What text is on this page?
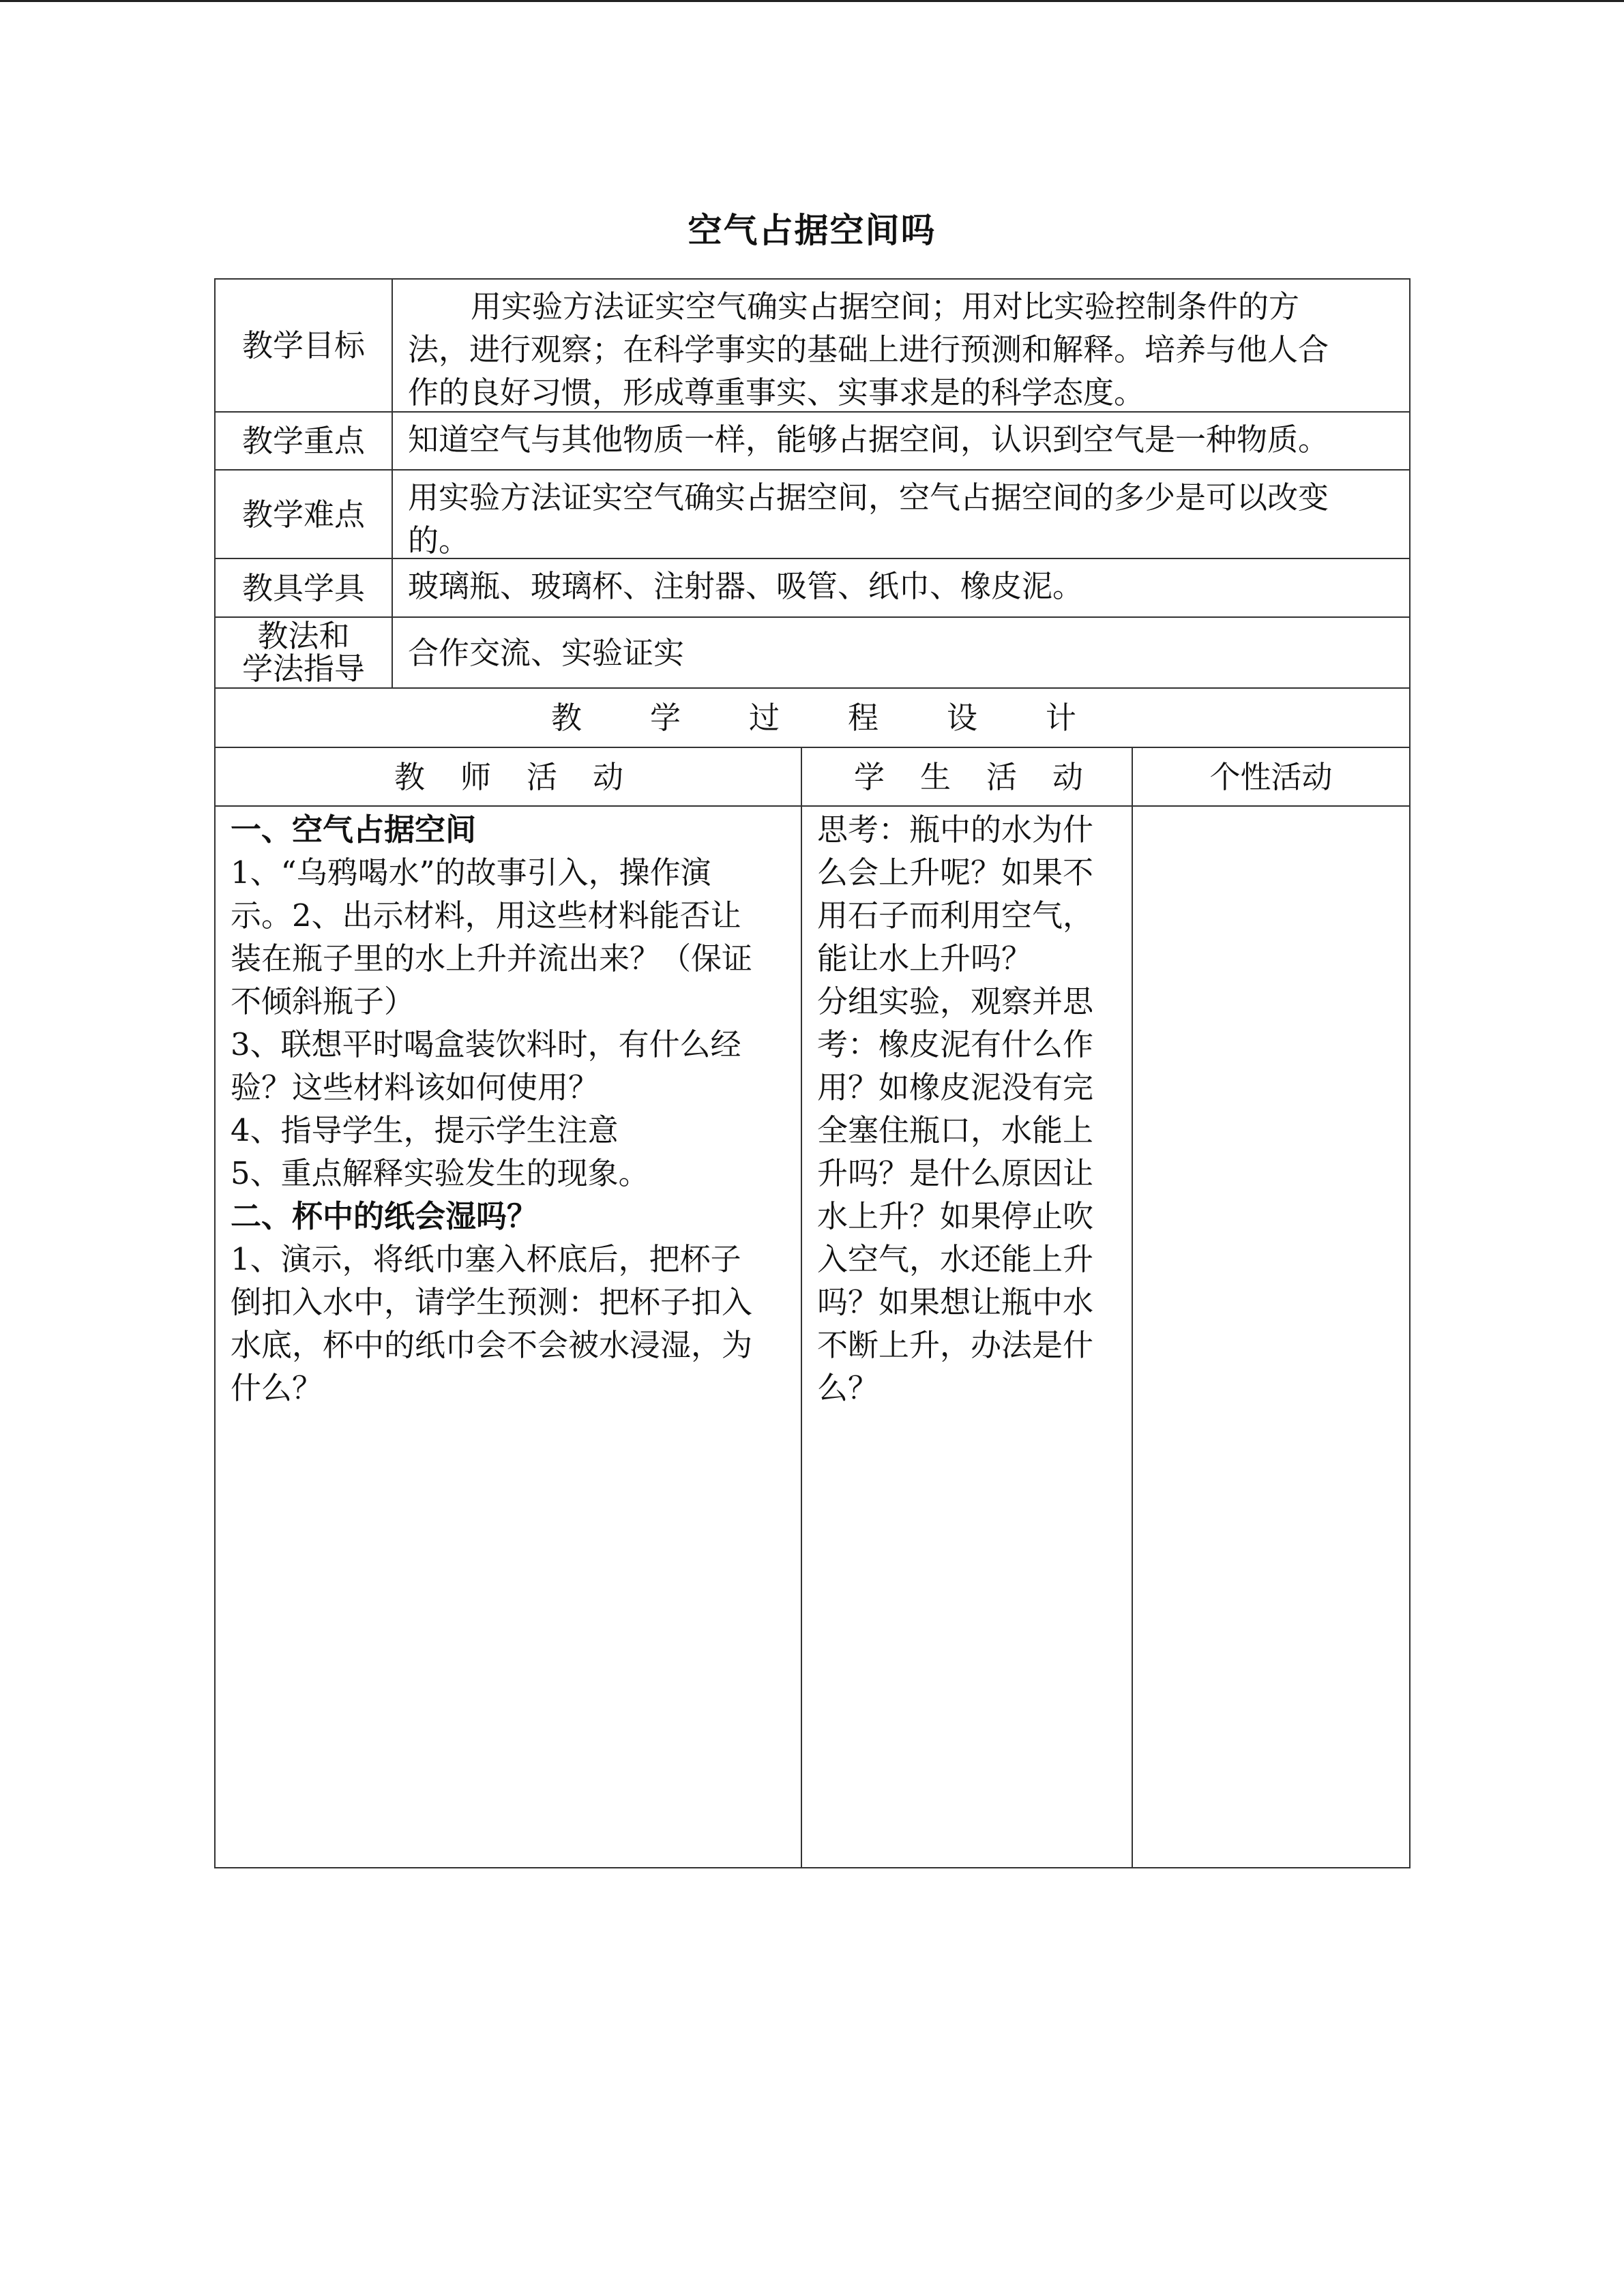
空气占据空间吗
教学目标
用实验方法证实空气确实占据空间；用对比实验控制条件的方
法，进行观察；在科学事实的基础上进行预测和解释。培养与他人合
作的良好习惯，形成尊重事实、实事求是的科学态度。
教学重点 知道空气与其他物质一样，能够占据空间，认识到空气是一种物质。
教学难点 用实验方法证实空气确实占据空间，空气占据空间的多少是可以改变
的。
教具学具 玻璃瓶、玻璃杯、注射器、吸管、纸巾、橡皮泥。
教法和
学法指导 合作交流、实验证实
教 学 过 程 设 计
教 师 活 动	学 生 活 动	个性活动
一、空气占据空间
1、“乌鸦喝水”的故事引入，操作演
示。2、出示材料，用这些材料能否让
装在瓶子里的水上升并流出来？（保证
不倾斜瓶子）
3、联想平时喝盒装饮料时，有什么经
验？这些材料该如何使用？
4、指导学生，提示学生注意
5、重点解释实验发生的现象。
二、杯中的纸会湿吗？
1、演示，将纸巾塞入杯底后，把杯子
倒扣入水中，请学生预测：把杯子扣入
水底，杯中的纸巾会不会被水浸湿，为
什么？
思考：瓶中的水为什
么会上升呢？如果不
用石子而利用空气，
能让水上升吗？
分组实验，观察并思
考：橡皮泥有什么作
用？如橡皮泥没有完
全塞住瓶口，水能上
升吗？是什么原因让
水上升？如果停止吹
入空气，水还能上升
吗？如果想让瓶中水
不断上升，办法是什
么？
